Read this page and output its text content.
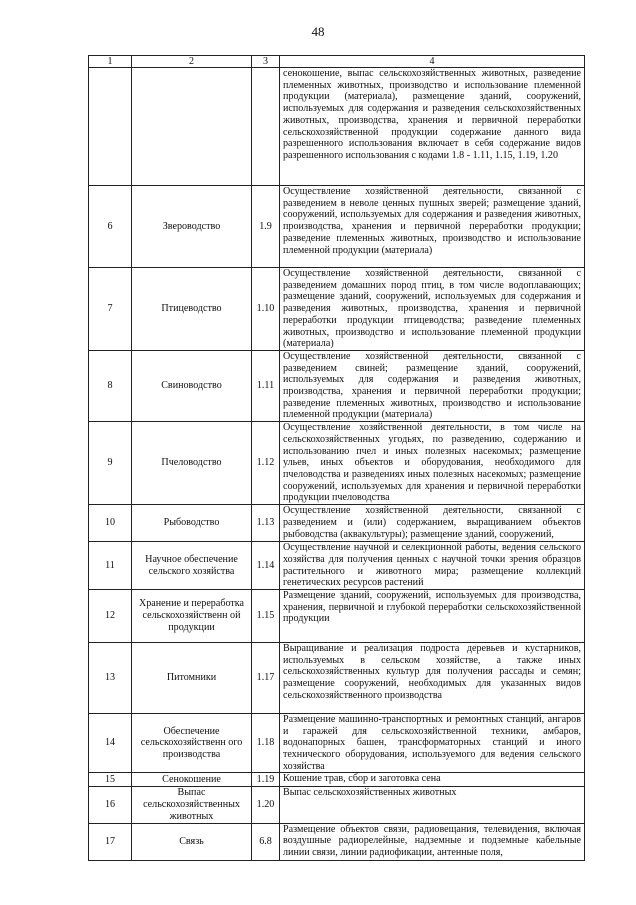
48
1	2	3	4
			сенокошение, выпас сельскохозяйственных животных, разведение племенных животных, производство и использование племенной продукции (материала), размещение зданий, сооружений, используемых для содержания и разведения сельскохозяйственных животных, производства, хранения и первичной переработки сельскохозяйственной продукции содержание данного вида разрешенного использования включает в себя содержание видов разрешенного использования с кодами 1.8 - 1.11, 1.15, 1.19, 1.20
6	Звероводство	1.9	Осуществление хозяйственной деятельности, связанной с разведением в неволе ценных пушных зверей; размещение зданий, сооружений, используемых для содержания и разведения животных, производства, хранения и первичной переработки продукции; разведение племенных животных, производство и использование племенной продукции (материала)
7	Птицеводство	1.10	Осуществление хозяйственной деятельности, связанной с разведением домашних пород птиц, в том числе водоплавающих; размещение зданий, сооружений, используемых для содержания и разведения животных, производства, хранения и первичной переработки продукции птицеводства; разведение племенных животных, производство и использование племенной продукции (материала)
8	Свиноводство	1.11	Осуществление хозяйственной деятельности, связанной с разведением свиней; размещение зданий, сооружений, используемых для содержания и разведения животных, производства, хранения и первичной переработки продукции; разведение племенных животных, производство и использование племенной продукции (материала)
9	Пчеловодство	1.12	Осуществление хозяйственной деятельности, в том числе на сельскохозяйственных угодьях, по разведению, содержанию и использованию пчел и иных полезных насекомых; размещение ульев, иных объектов и оборудования, необходимого для пчеловодства и разведениях иных полезных насекомых; размещение сооружений, используемых для хранения и первичной переработки продукции пчеловодства
10	Рыбоводство	1.13	Осуществление хозяйственной деятельности, связанной с разведением и (или) содержанием, выращиванием объектов рыбоводства (аквакультуры); размещение зданий, сооружений,
11	Научное обеспечение сельского хозяйства	1.14	Осуществление научной и селекционной работы, ведения сельского хозяйства для получения ценных с научной точки зрения образцов растительного и животного мира; размещение коллекций генетических ресурсов растений
12	Хранение и переработка сельскохозяйственн ой продукции	1.15	Размещение зданий, сооружений, используемых для производства, хранения, первичной и глубокой переработки сельскохозяйственной продукции
13	Питомники	1.17	Выращивание и реализация подроста деревьев и кустарников, используемых в сельском хозяйстве, а также иных сельскохозяйственных культур для получения рассады и семян; размещение сооружений, необходимых для указанных видов сельскохозяйственного производства
14	Обеспечение сельскохозяйственн ого производства	1.18	Размещение машинно-транспортных и ремонтных станций, ангаров и гаражей для сельскохозяйственной техники, амбаров, водонапорных башен, трансформаторных станций и иного технического оборудования, используемого для ведения сельского хозяйства
15	Сенокошение	1.19	Кошение трав, сбор и заготовка сена
16	Выпас сельскохозяйственных животных	1.20	Выпас сельскохозяйственных животных
17	Связь	6.8	Размещение объектов связи, радиовещания, телевидения, включая воздушные радиорелейные, надземные и подземные кабельные линии связи, линии радиофикации, антенные поля,
